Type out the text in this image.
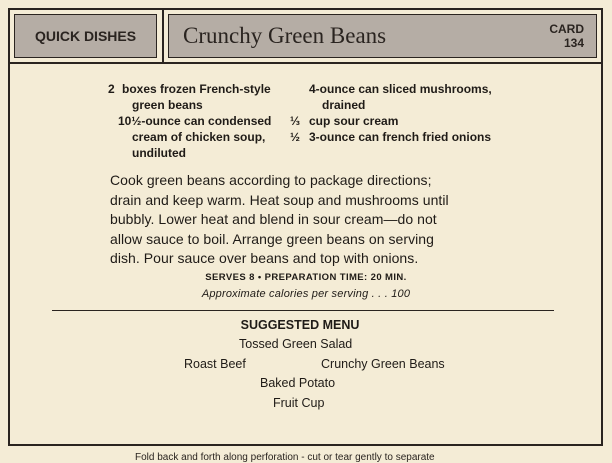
QUICK DISHES	Crunchy Green Beans	CARD
134
2 boxes frozen French-style
green beans
10½-ounce can condensed
cream of chicken soup,
undiluted
4-ounce can sliced mushrooms,
drained
⅓ cup sour cream
½ 3-ounce can french fried onions
Cook green beans according to package directions;
drain and keep warm. Heat soup and mushrooms until
bubbly. Lower heat and blend in sour cream—do not
allow sauce to boil. Arrange green beans on serving
dish. Pour sauce over beans and top with onions.
SERVES 8 • PREPARATION TIME: 20 MIN.
Approximate calories per serving . . . 100
SUGGESTED MENU
Tossed Green Salad
Roast Beef	Crunchy Green Beans
Baked Potato
Fruit Cup
Fold back and forth along perforation - cut or tear gently to separate
